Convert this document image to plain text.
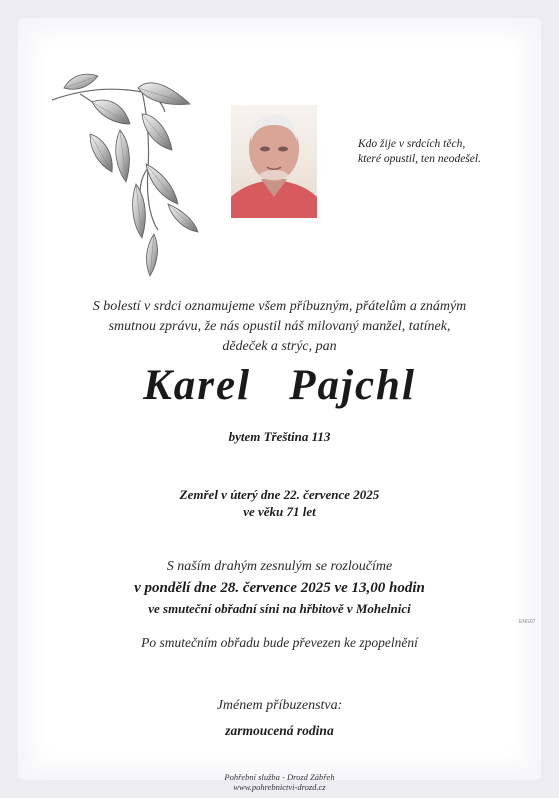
Kdo žije v srdcích těch,
které opustil, ten neodešel.
S bolestí v srdci oznamujeme všem příbuzným, přátelům a známým
smutnou zprávu, že nás opustil náš milovaný manžel, tatínek,
dědeček a strýc, pan
Karel   Pajchl
bytem Třeština 113
Zemřel v úterý dne 22. července 2025
ve věku 71 let
S naším drahým zesnulým se rozloučíme
v pondělí dne 28. července 2025 ve 13,00 hodin
ve smuteční obřadní síni na hřbitově v Mohelnici
Po smutečním obřadu bude převezen ke zpopelnění
Jménem příbuzenstva:
zarmoucená rodina
Pohřební služba - Drozd Zábřeh
www.pohrebnictvi-drozd.cz
ENG07
